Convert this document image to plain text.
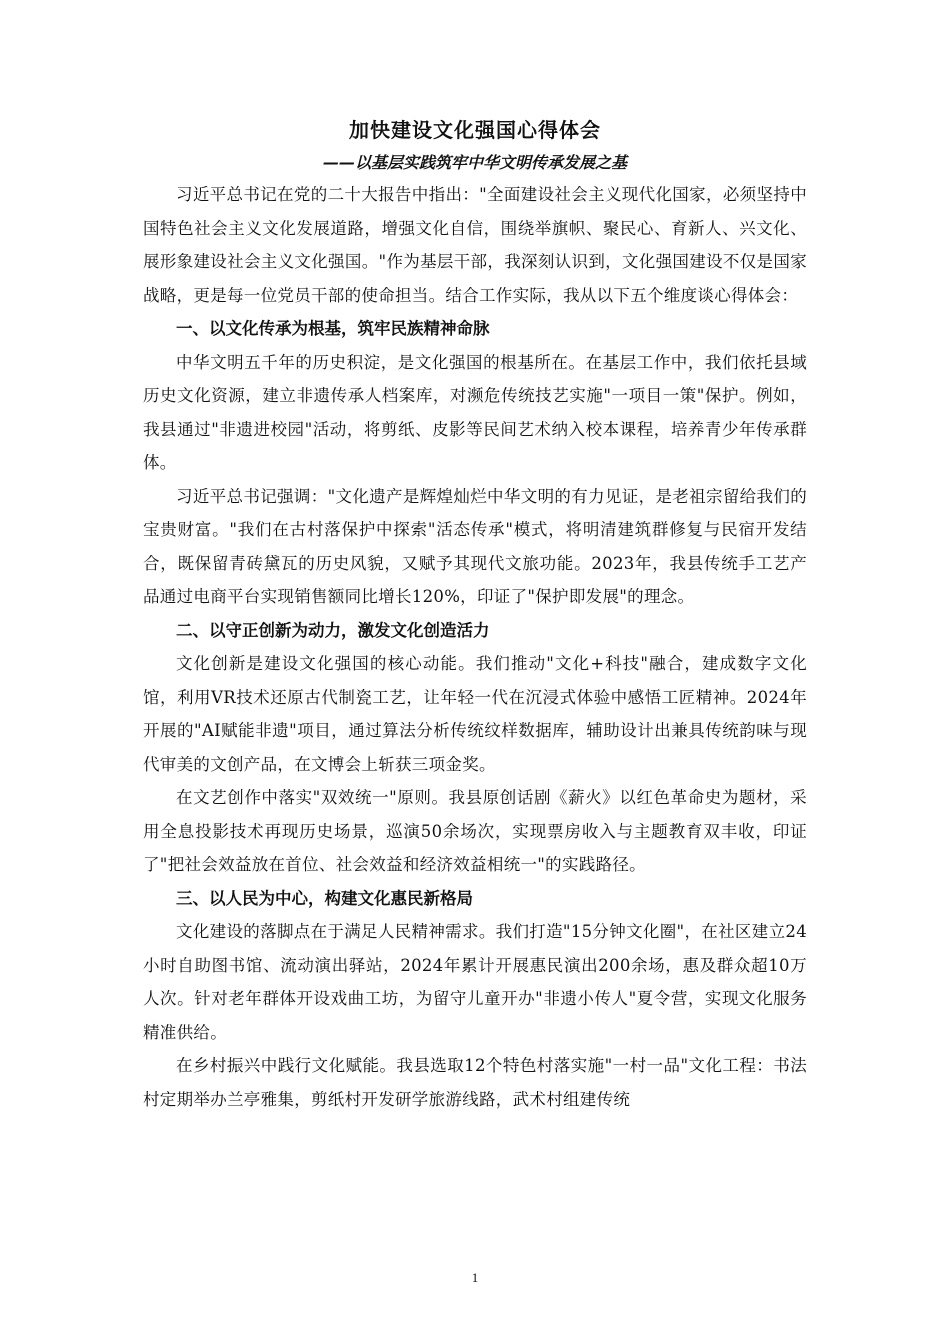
加快建设文化强国心得体会
——以基层实践筑牢中华文明传承发展之基

习近平总书记在党的二十大报告中指出："全面建设社会主义现代化国家，必须坚持中国特色社会主义文化发展道路，增强文化自信，围绕举旗帜、聚民心、育新人、兴文化、展形象建设社会主义文化强国。"作为基层干部，我深刻认识到，文化强国建设不仅是国家战略，更是每一位党员干部的使命担当。结合工作实际，我从以下五个维度谈心得体会：

一、以文化传承为根基，筑牢民族精神命脉

中华文明五千年的历史积淀，是文化强国的根基所在。在基层工作中，我们依托县域历史文化资源，建立非遗传承人档案库，对濒危传统技艺实施"一项目一策"保护。例如，我县通过"非遗进校园"活动，将剪纸、皮影等民间艺术纳入校本课程，培养青少年传承群体。

习近平总书记强调："文化遗产是辉煌灿烂中华文明的有力见证，是老祖宗留给我们的宝贵财富。"我们在古村落保护中探索"活态传承"模式，将明清建筑群修复与民宿开发结合，既保留青砖黛瓦的历史风貌，又赋予其现代文旅功能。2023年，我县传统手工艺产品通过电商平台实现销售额同比增长120%，印证了"保护即发展"的理念。

二、以守正创新为动力，激发文化创造活力

文化创新是建设文化强国的核心动能。我们推动"文化+科技"融合，建成数字文化馆，利用VR技术还原古代制瓷工艺，让年轻一代在沉浸式体验中感悟工匠精神。2024年开展的"AI赋能非遗"项目，通过算法分析传统纹样数据库，辅助设计出兼具传统韵味与现代审美的文创产品，在文博会上斩获三项金奖。

在文艺创作中落实"双效统一"原则。我县原创话剧《薪火》以红色革命史为题材，采用全息投影技术再现历史场景，巡演50余场次，实现票房收入与主题教育双丰收，印证了"把社会效益放在首位、社会效益和经济效益相统一"的实践路径。

三、以人民为中心，构建文化惠民新格局

文化建设的落脚点在于满足人民精神需求。我们打造"15分钟文化圈"，在社区建立24小时自助图书馆、流动演出驿站，2024年累计开展惠民演出200余场，惠及群众超10万人次。针对老年群体开设戏曲工坊，为留守儿童开办"非遗小传人"夏令营，实现文化服务精准供给。

在乡村振兴中践行文化赋能。我县选取12个特色村落实施"一村一品"文化工程：书法村定期举办兰亭雅集，剪纸村开发研学旅游线路，武术村组建传统

1
